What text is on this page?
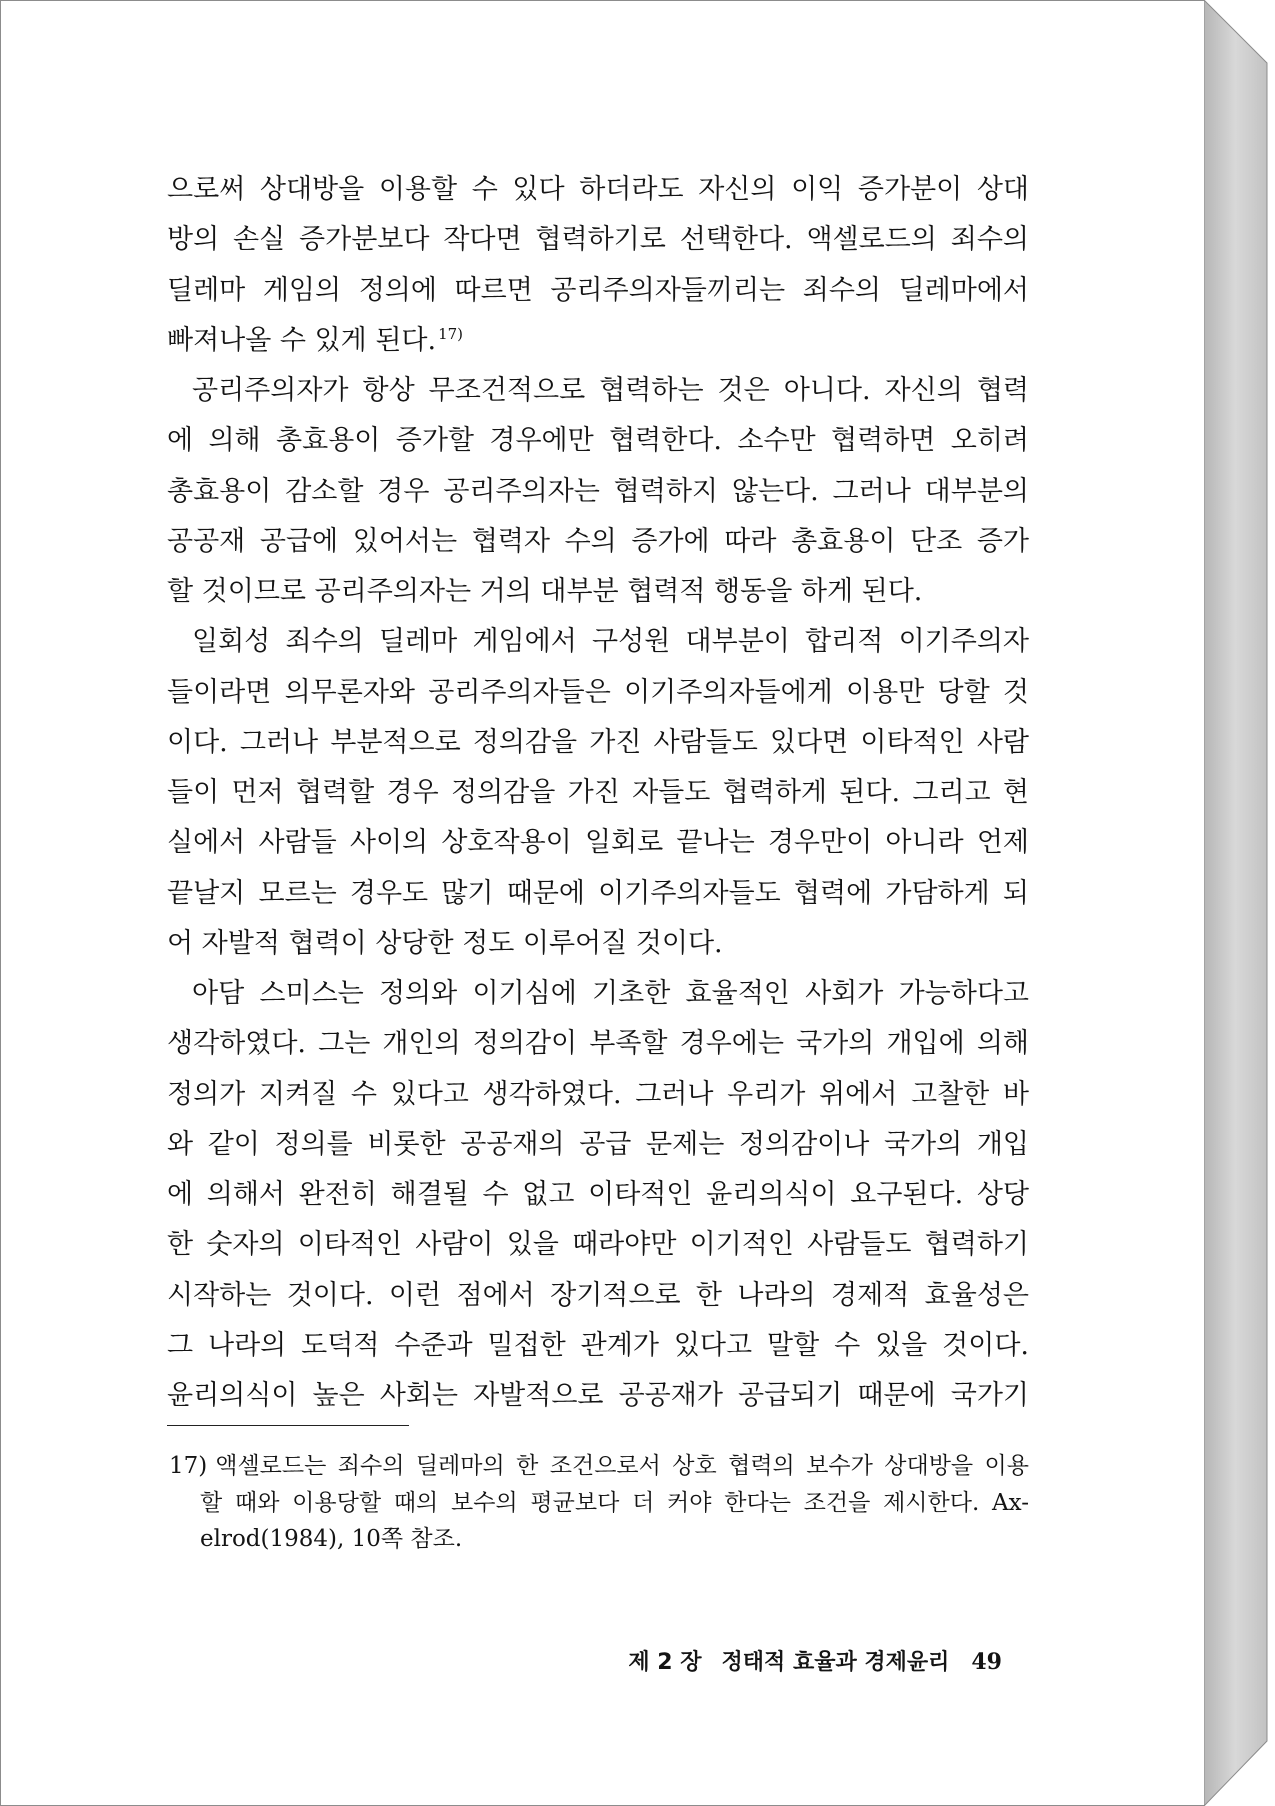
으로써 상대방을 이용할 수 있다 하더라도 자신의 이익 증가분이 상대
방의 손실 증가분보다 작다면 협력하기로 선택한다. 액셀로드의 죄수의
딜레마 게임의 정의에 따르면 공리주의자들끼리는 죄수의 딜레마에서
빠져나올 수 있게 된다. $^{17)}$
공리주의자가 항상 무조건적으로 협력하는 것은 아니다. 자신의 협력
에 의해 총효용이 증가할 경우에만 협력한다. 소수만 협력하면 오히려
총효용이 감소할 경우 공리주의자는 협력하지 않는다. 그러나 대부분의
공공재 공급에 있어서는 협력자 수의 증가에 따라 총효용이 단조 증가
할 것이므로 공리주의자는 거의 대부분 협력적 행동을 하게 된다.
일회성 죄수의 딜레마 게임에서 구성원 대부분이 합리적 이기주의자
들이라면 의무론자와 공리주의자들은 이기주의자들에게 이용만 당할 것
이다. 그러나 부분적으로 정의감을 가진 사람들도 있다면 이타적인 사람
들이 먼저 협력할 경우 정의감을 가진 자들도 협력하게 된다. 그리고 현
실에서 사람들 사이의 상호작용이 일회로 끝나는 경우만이 아니라 언제
끝날지 모르는 경우도 많기 때문에 이기주의자들도 협력에 가담하게 되
어 자발적 협력이 상당한 정도 이루어질 것이다.
아담 스미스는 정의와 이기심에 기초한 효율적인 사회가 가능하다고
생각하였다. 그는 개인의 정의감이 부족할 경우에는 국가의 개입에 의해
정의가 지켜질 수 있다고 생각하였다. 그러나 우리가 위에서 고찰한 바
와 같이 정의를 비롯한 공공재의 공급 문제는 정의감이나 국가의 개입
에 의해서 완전히 해결될 수 없고 이타적인 윤리의식이 요구된다. 상당
한 숫자의 이타적인 사람이 있을 때라야만 이기적인 사람들도 협력하기
시작하는 것이다. 이런 점에서 장기적으로 한 나라의 경제적 효율성은
그 나라의 도덕적 수준과 밀접한 관계가 있다고 말할 수 있을 것이다.
윤리의식이 높은 사회는 자발적으로 공공재가 공급되기 때문에 국가기
17) 액셀로드는 죄수의 딜레마의 한 조건으로서 상호 협력의 보수가 상대방을 이용
할 때와 이용당할 때의 보수의 평균보다 더 커야 한다는 조건을 제시한다. Ax-
elrod(1984), 10쪽 참조.
제 2 장 정태적 효율과 경제윤리 49
